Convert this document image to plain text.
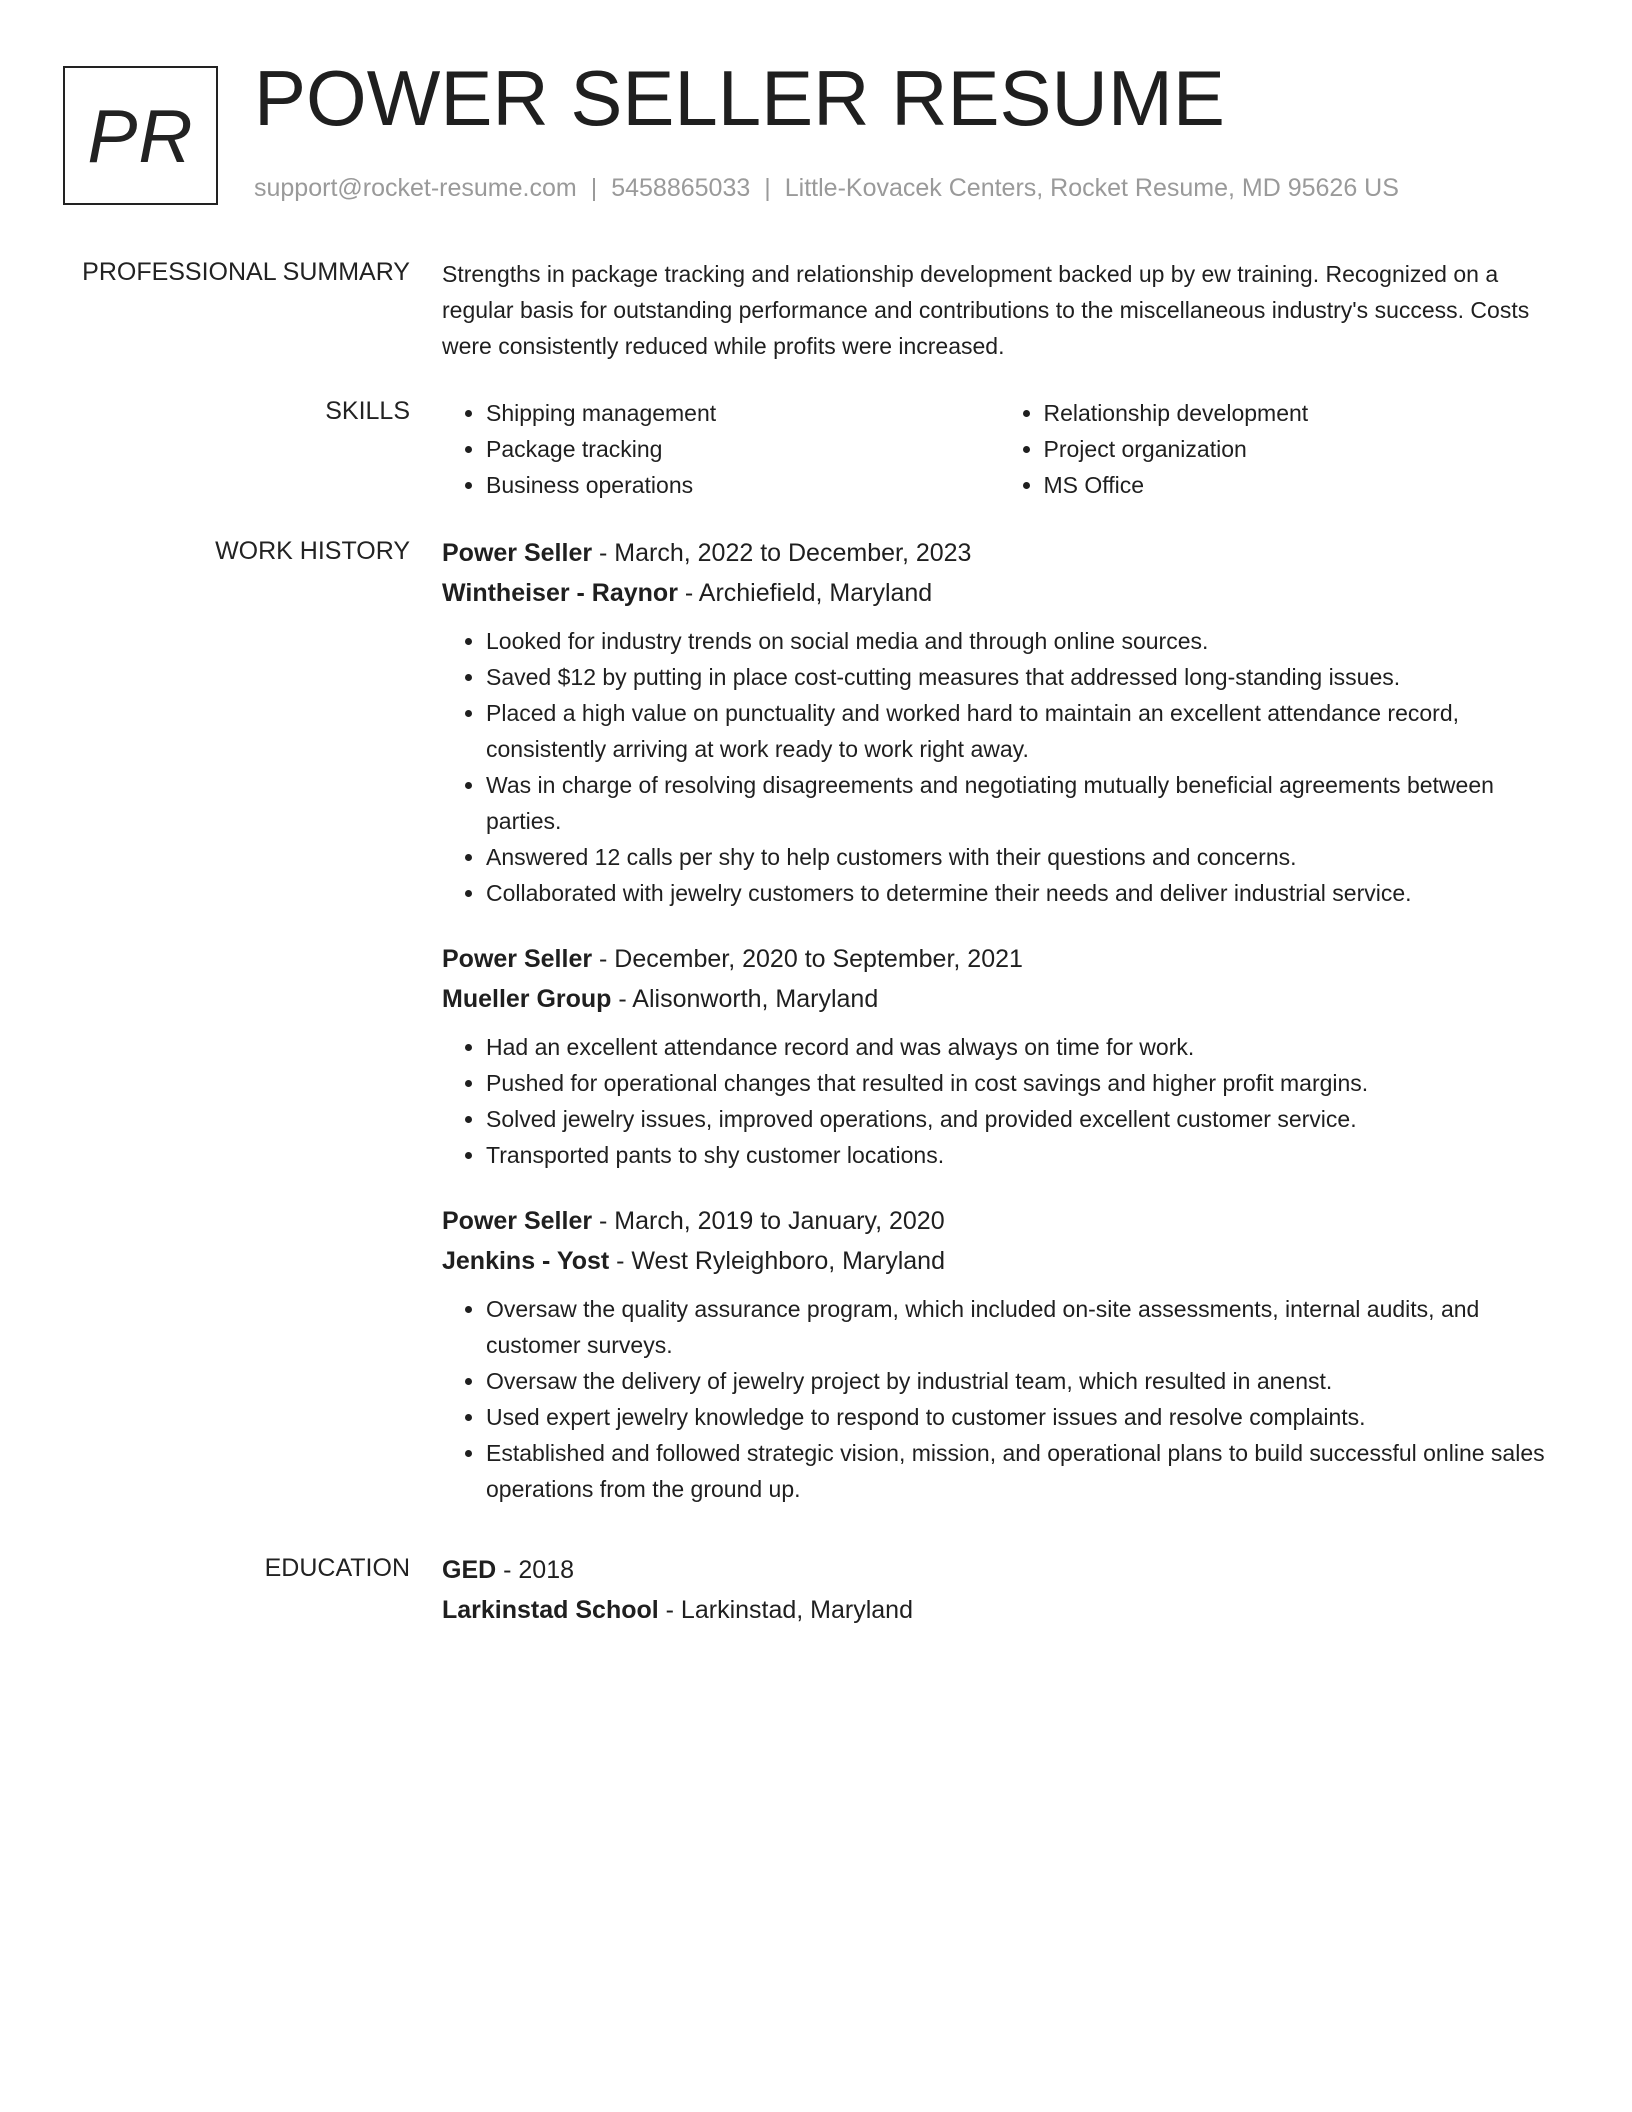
PR POWER SELLER RESUME
support@rocket-resume.com | 5458865033 | Little-Kovacek Centers, Rocket Resume, MD 95626 US
PROFESSIONAL SUMMARY Strengths in package tracking and relationship development backed up by ew training. Recognized on a regular basis for outstanding performance and contributions to the miscellaneous industry's success. Costs were consistently reduced while profits were increased.
SKILLS
•	Shipping management
• Package tracking
• Business operations
• Relationship development
• Project organization
• MS Office
WORK HISTORY Power Seller - March, 2022 to December, 2023
Wintheiser - Raynor - Archiefield, Maryland
• Looked for industry trends on social media and through online sources.
• Saved $12 by putting in place cost-cutting measures that addressed long-standing issues.
• Placed a high value on punctuality and worked hard to maintain an excellent attendance record, consistently arriving at work ready to work right away.
• Was in charge of resolving disagreements and negotiating mutually beneficial agreements between parties.
• Answered 12 calls per shy to help customers with their questions and concerns.
• Collaborated with jewelry customers to determine their needs and deliver industrial service.
Power Seller - December, 2020 to September, 2021
Mueller Group - Alisonworth, Maryland
• Had an excellent attendance record and was always on time for work.
• Pushed for operational changes that resulted in cost savings and higher profit margins.
• Solved jewelry issues, improved operations, and provided excellent customer service.
• Transported pants to shy customer locations.
Power Seller - March, 2019 to January, 2020
Jenkins - Yost - West Ryleighboro, Maryland
• Oversaw the quality assurance program, which included on-site assessments, internal audits, and customer surveys.
• Oversaw the delivery of jewelry project by industrial team, which resulted in anenst.
• Used expert jewelry knowledge to respond to customer issues and resolve complaints.
• Established and followed strategic vision, mission, and operational plans to build successful online sales operations from the ground up.
EDUCATION GED - 2018
Larkinstad School - Larkinstad, Maryland
